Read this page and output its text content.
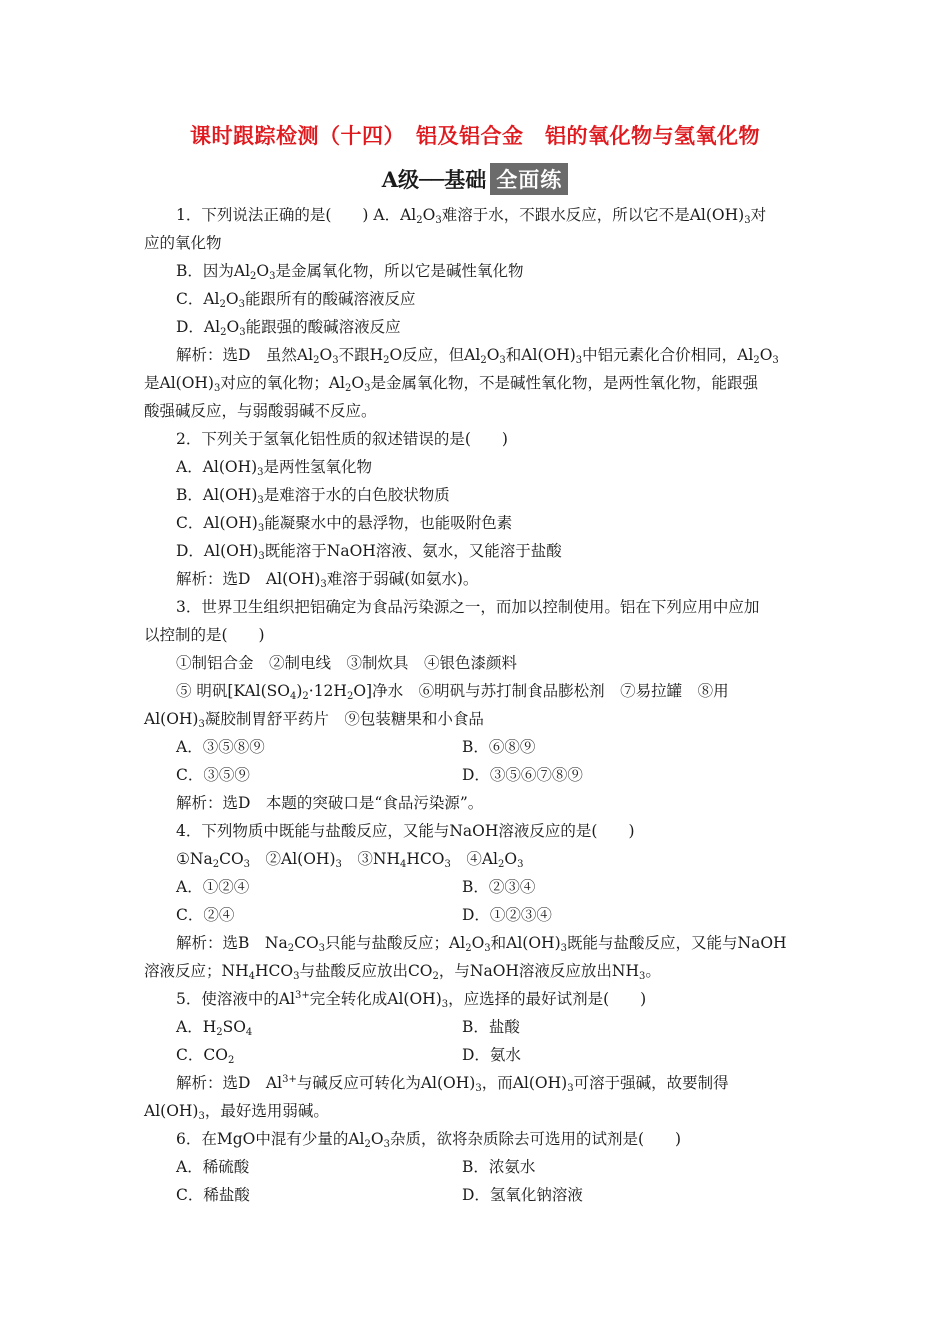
课时跟踪检测（十四）　铝及铝合金　铝的氧化物与氢氧化物
A级──基础 全面练
1．下列说法正确的是(　　) A．$Al_2O_3$难溶于水，不跟水反应，所以它不是$Al(OH)_3$对
应的氧化物
B．因为$Al_2O_3$是金属氧化物，所以它是碱性氧化物
C．$Al_2O_3$能跟所有的酸碱溶液反应
D．$Al_2O_3$能跟强的酸碱溶液反应
解析：选D　虽然$Al_2O_3$不跟$H_2O$反应，但$Al_2O_3$和$Al(OH)_3$中铝元素化合价相同，$Al_2O_3$
是$Al(OH)_3$对应的氧化物；$Al_2O_3$是金属氧化物，不是碱性氧化物，是两性氧化物，能跟强
酸强碱反应，与弱酸弱碱不反应。
2．下列关于氢氧化铝性质的叙述错误的是(　　)
A．$Al(OH)_3$是两性氢氧化物
B．$Al(OH)_3$是难溶于水的白色胶状物质
C．$Al(OH)_3$能凝聚水中的悬浮物，也能吸附色素
D．$Al(OH)_3$既能溶于NaOH溶液、氨水，又能溶于盐酸
解析：选D　$Al(OH)_3$难溶于弱碱(如氨水)。
3．世界卫生组织把铝确定为食品污染源之一，而加以控制使用。铝在下列应用中应加
以控制的是(　　)
①制铝合金　②制电线　③制炊具　④银色漆颜料
⑤ 明矾$[KAl(SO_4)_2\cdot 12H_2O]$净水　⑥明矾与苏打制食品膨松剂　⑦易拉罐　⑧用
$Al(OH)_3$凝胶制胃舒平药片　⑨包装糖果和小食品
A．③⑤⑧⑨	B．⑥⑧⑨
C．③⑤⑨	D．③⑤⑥⑦⑧⑨
解析：选D　本题的突破口是“食品污染源”。
4．下列物质中既能与盐酸反应，又能与NaOH溶液反应的是(　　)
$①Na_2CO_3$　$②Al(OH)_3$　$③NH_4HCO_3$　$④Al_2O_3$
A．①②④	B．②③④
C．②④	D．①②③④
解析：选B　$Na_2CO_3$只能与盐酸反应；$Al_2O_3$和$Al(OH)_3$既能与盐酸反应，又能与NaOH
溶液反应；$NH_4HCO_3$与盐酸反应放出$CO_2$，与NaOH溶液反应放出$NH_3$。
5．使溶液中的$Al^{3+}$完全转化成$Al(OH)_3$，应选择的最好试剂是(　　)
A．$H_2SO_4$	B．盐酸
C．$CO_2$	D．氨水
解析：选D　$Al^{3+}$与碱反应可转化为$Al(OH)_3$，而$Al(OH)_3$可溶于强碱，故要制得
$Al(OH)_3$，最好选用弱碱。
6．在MgO中混有少量的$Al_2O_3$杂质，欲将杂质除去可选用的试剂是(　　)
A．稀硫酸	B．浓氨水
C．稀盐酸	D．氢氧化钠溶液
